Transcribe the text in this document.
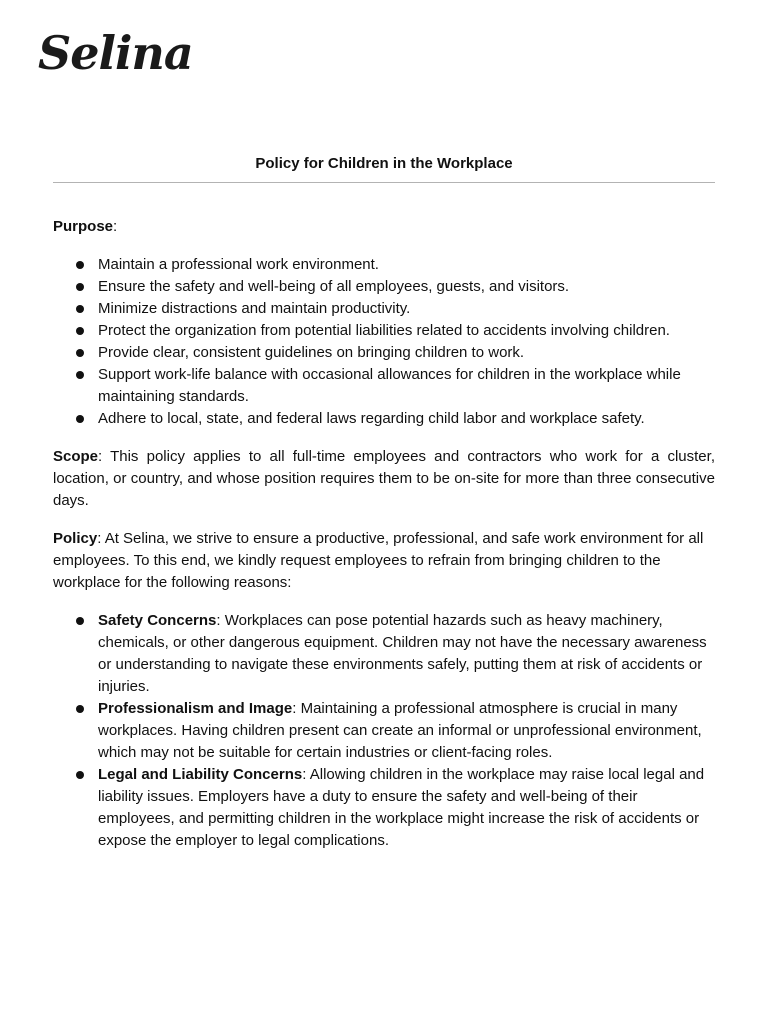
Selina
Policy for Children in the Workplace

Purpose:

Maintain a professional work environment.
Ensure the safety and well-being of all employees, guests, and visitors.
Minimize distractions and maintain productivity.
Protect the organization from potential liabilities related to accidents involving children.
Provide clear, consistent guidelines on bringing children to work.
Support work-life balance with occasional allowances for children in the workplace while maintaining standards.
Adhere to local, state, and federal laws regarding child labor and workplace safety.

Scope: This policy applies to all full-time employees and contractors who work for a cluster, location, or country, and whose position requires them to be on-site for more than three consecutive days.

Policy: At Selina, we strive to ensure a productive, professional, and safe work environment for all employees. To this end, we kindly request employees to refrain from bringing children to the workplace for the following reasons:

Safety Concerns: Workplaces can pose potential hazards such as heavy machinery, chemicals, or other dangerous equipment. Children may not have the necessary awareness or understanding to navigate these environments safely, putting them at risk of accidents or injuries.
Professionalism and Image: Maintaining a professional atmosphere is crucial in many workplaces. Having children present can create an informal or unprofessional environment, which may not be suitable for certain industries or client-facing roles.
Legal and Liability Concerns: Allowing children in the workplace may raise local legal and liability issues. Employers have a duty to ensure the safety and well-being of their employees, and permitting children in the workplace might increase the risk of accidents or expose the employer to legal complications.
